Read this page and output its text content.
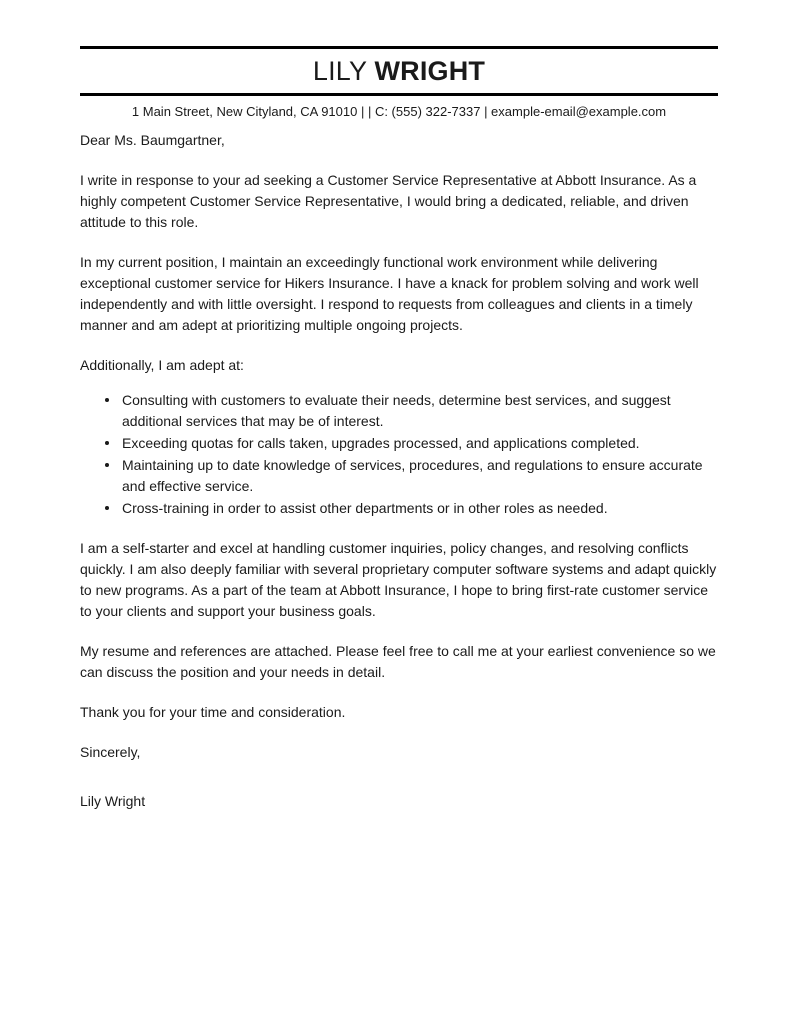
LILY WRIGHT
1 Main Street, New Cityland, CA 91010 | | C: (555) 322-7337 | example-email@example.com

Dear Ms. Baumgartner,

I write in response to your ad seeking a Customer Service Representative at Abbott Insurance. As a highly competent Customer Service Representative, I would bring a dedicated, reliable, and driven attitude to this role.

In my current position, I maintain an exceedingly functional work environment while delivering exceptional customer service for Hikers Insurance. I have a knack for problem solving and work well independently and with little oversight. I respond to requests from colleagues and clients in a timely manner and am adept at prioritizing multiple ongoing projects.

Additionally, I am adept at:

Consulting with customers to evaluate their needs, determine best services, and suggest additional services that may be of interest.
Exceeding quotas for calls taken, upgrades processed, and applications completed.
Maintaining up to date knowledge of services, procedures, and regulations to ensure accurate and effective service.
Cross-training in order to assist other departments or in other roles as needed.

I am a self-starter and excel at handling customer inquiries, policy changes, and resolving conflicts quickly. I am also deeply familiar with several proprietary computer software systems and adapt quickly to new programs. As a part of the team at Abbott Insurance, I hope to bring first-rate customer service to your clients and support your business goals.

My resume and references are attached. Please feel free to call me at your earliest convenience so we can discuss the position and your needs in detail.

Thank you for your time and consideration.

Sincerely,

Lily Wright
